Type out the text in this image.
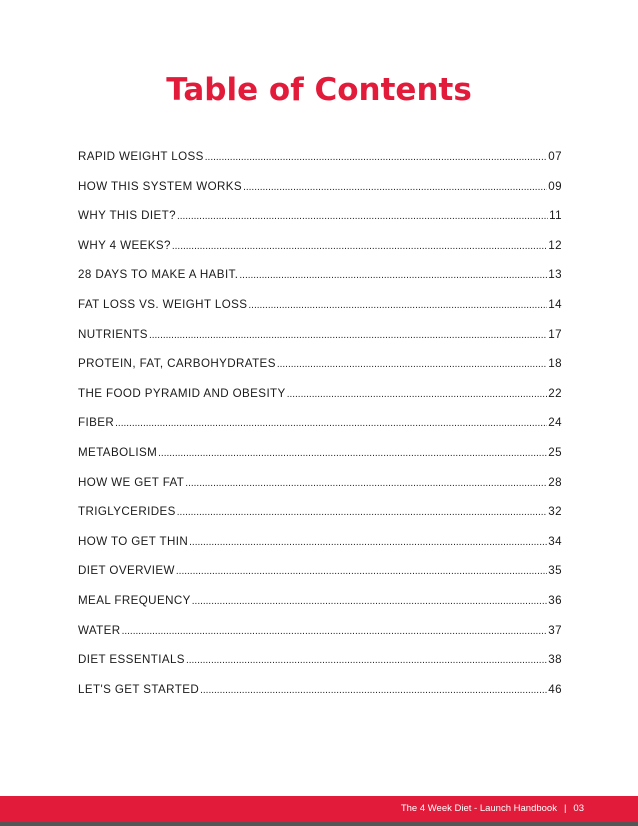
Table of Contents
RAPID WEIGHT LOSS .....	07
HOW THIS SYSTEM WORKS .....	09
WHY THIS DIET? .....	11
WHY 4 WEEKS? .....	12
28 DAYS TO MAKE A HABIT. .....	13
FAT LOSS VS. WEIGHT LOSS .....	14
NUTRIENTS .....	17
PROTEIN, FAT, CARBOHYDRATES .....	18
THE FOOD PYRAMID AND OBESITY .....	22
FIBER .....	24
METABOLISM .....	25
HOW WE GET FAT .....	28
TRIGLYCERIDES .....	32
HOW TO GET THIN .....	34
DIET OVERVIEW .....	35
MEAL FREQUENCY .....	36
WATER .....	37
DIET ESSENTIALS .....	38
LET'S GET STARTED .....	46
The 4 Week Diet - Launch Handbook | 03
